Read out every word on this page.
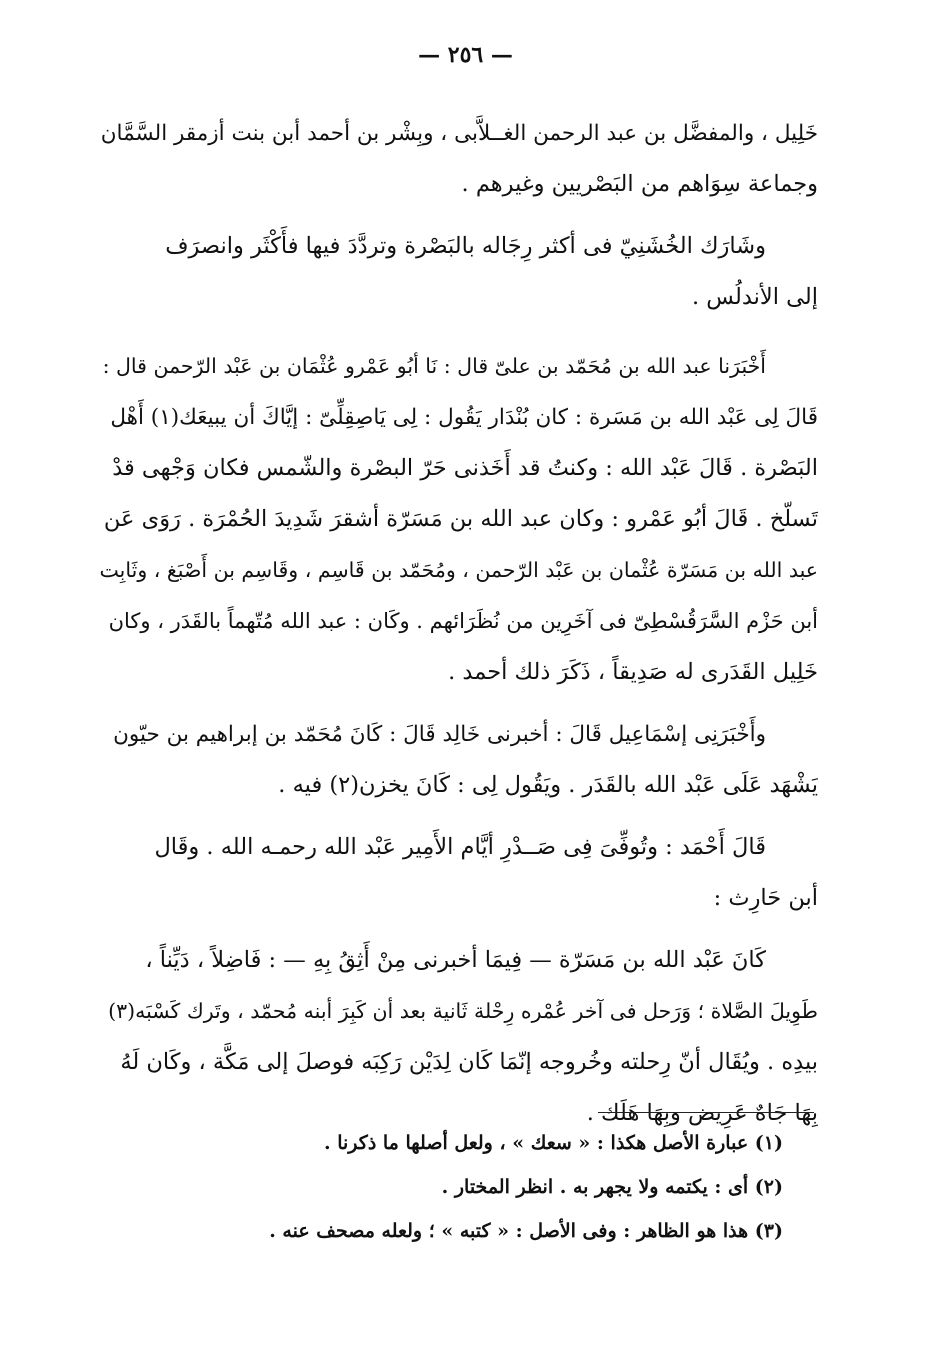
— ٢٥٦ —
خَلِيل ، والمفضَّل بن عبد الرحمن الغــلاَّبى ، وبِشْر بن أحمد أبن بنت أزمقر السَّمَّان
وجماعة سِوَاهم من البَصْريين وغيرهم .
وشَارَك الخُشَنِيّ فى أكثر رِجَاله بالبَصْرة وتردَّدَ فيها فأَكْثَر وانصرَف
إلى الأندلُس .
أَخْبَرَنا عبد الله بن مُحَمّد بن علىّ قال : نَا أبُو عَمْرو عُثْمَان بن عَبْد الرّحمن قال :
قَالَ لِى عَبْد الله بن مَسَرة : كان بُنْدَار يَقُول : لِى يَاصِقِلِّىّ : إيَّاكَ أن يبيعَك(١) أَهْل
البَصْرة . قَالَ عَبْد الله : وكنتُ قد أَخَذنى حَرّ البصْرة والشّمس فكان وَجْهى قدْ
تَسلّخ . قَالَ أبُو عَمْرو : وكان عبد الله بن مَسَرّة أشقرَ شَدِيدَ الحُمْرَة . رَوَى عَن
عبد الله بن مَسَرّة عُثْمان بن عَبْد الرّحمن ، ومُحَمّد بن قَاسِم ، وقَاسِم بن أَصْبَغ ، وثَابِت
أبن حَزْم السَّرَقُسْطِىّ فى آخَرِين من نُظَرَائهم . وكَان : عبد الله مُتّهماً بالقَدَر ، وكان
خَلِيل القَدَرى له صَدِيقاً ، ذَكَرَ ذلك أحمد .
وأَخْبَرَنِى إسْمَاعِيل قَالَ : أخبرنى خَالِد قَالَ : كَانَ مُحَمّد بن إبراهيم بن حيّون
يَشْهَد عَلَى عَبْد الله بالقَدَر . ويَقُول لِى : كَانَ يخزن(٢) فيه .
قَالَ أَحْمَد : وتُوفِّىَ فِى صَــدْرِ أيَّام الأَمِير عَبْد الله رحمـه الله . وقَال
أبن حَارِث :
كَانَ عَبْد الله بن مَسَرّة — فِيمَا أخبرنى مِنْ أَثِقُ بِهِ — : فَاضِلاً ، دَيِّناً ،
طَوِيلَ الصَّلاة ؛ وَرَحل فى آخر عُمْره رِحْلة ثَانية بعد أن كَبِرَ أبنه مُحمّد ، وتَرك كَسْبَه(٣)
بيدِه . ويُقَال أنّ رِحلته وخُروجه إنّمَا كَان لِدَيْن رَكِبَه فوصلَ إلى مَكَّة ، وكَان لَهُ
بِهَا جَاهٌ عَرِيض وبِهَا هَلَك .
(١) عبارة الأصل هكذا : « سعك » ، ولعل أصلها ما ذكرنا .
(٢) أى : يكتمه ولا يجهر به . انظر المختار .
(٣) هذا هو الظاهر : وفى الأصل : « كتبه » ؛ ولعله مصحف عنه .
